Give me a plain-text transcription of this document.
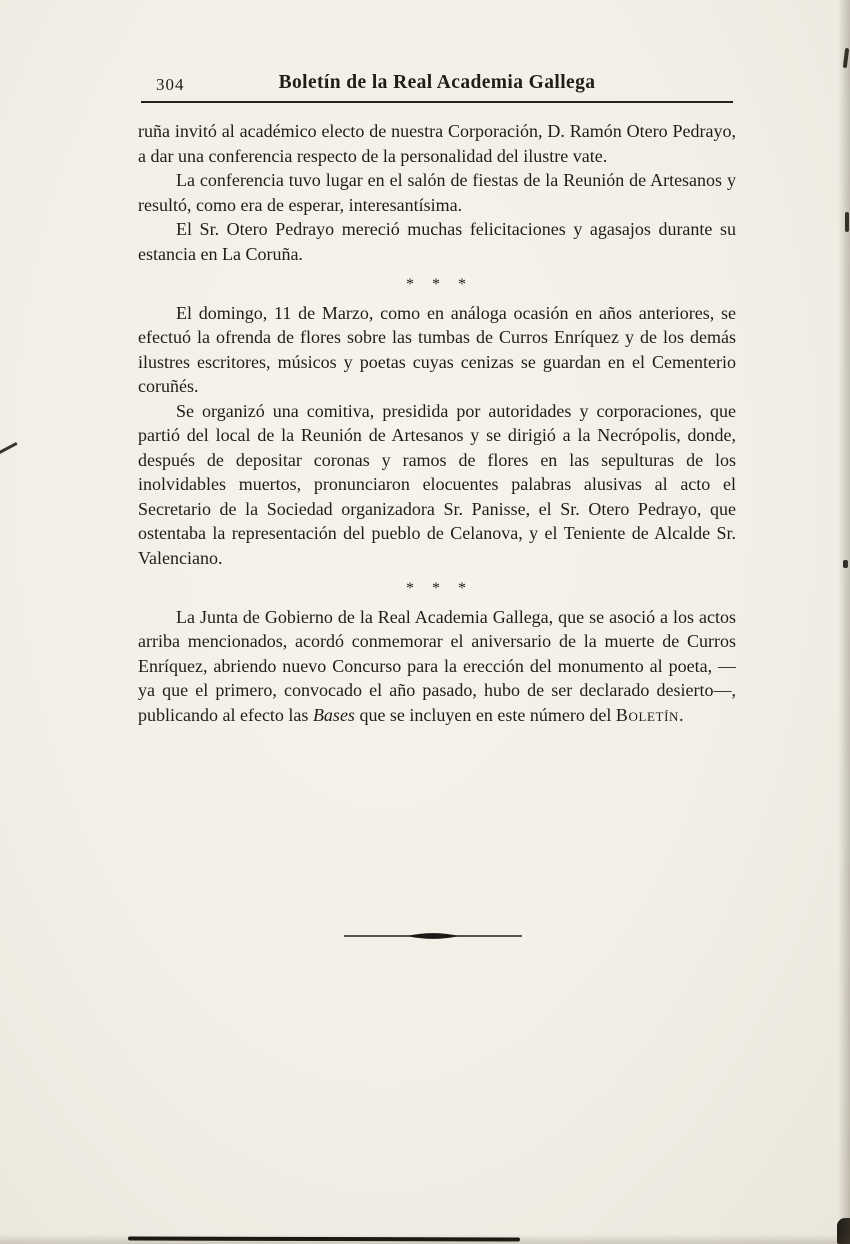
304	Boletín de la Real Academia Gallega

ruña invitó al académico electo de nuestra Corporación, D. Ramón Otero Pedrayo, a dar una conferencia respecto de la personalidad del ilustre vate.

La conferencia tuvo lugar en el salón de fiestas de la Reunión de Artesanos y resultó, como era de esperar, interesantísima.

El Sr. Otero Pedrayo mereció muchas felicitaciones y agasajos durante su estancia en La Coruña.

* * *

El domingo, 11 de Marzo, como en análoga ocasión en años anteriores, se efectuó la ofrenda de flores sobre las tumbas de Curros Enríquez y de los demás ilustres escritores, músicos y poetas cuyas cenizas se guardan en el Cementerio coruñés.

Se organizó una comitiva, presidida por autoridades y corporaciones, que partió del local de la Reunión de Artesanos y se dirigió a la Necrópolis, donde, después de depositar coronas y ramos de flores en las sepulturas de los inolvidables muertos, pronunciaron elocuentes palabras alusivas al acto el Secretario de la Sociedad organizadora Sr. Panisse, el Sr. Otero Pedrayo, que ostentaba la representación del pueblo de Celanova, y el Teniente de Alcalde Sr. Valenciano.

* * *

La Junta de Gobierno de la Real Academia Gallega, que se asoció a los actos arriba mencionados, acordó conmemorar el aniversario de la muerte de Curros Enríquez, abriendo nuevo Concurso para la erección del monumento al poeta, —ya que el primero, convocado el año pasado, hubo de ser declarado desierto—, publicando al efecto las Bases que se incluyen en este número del Boletín.
